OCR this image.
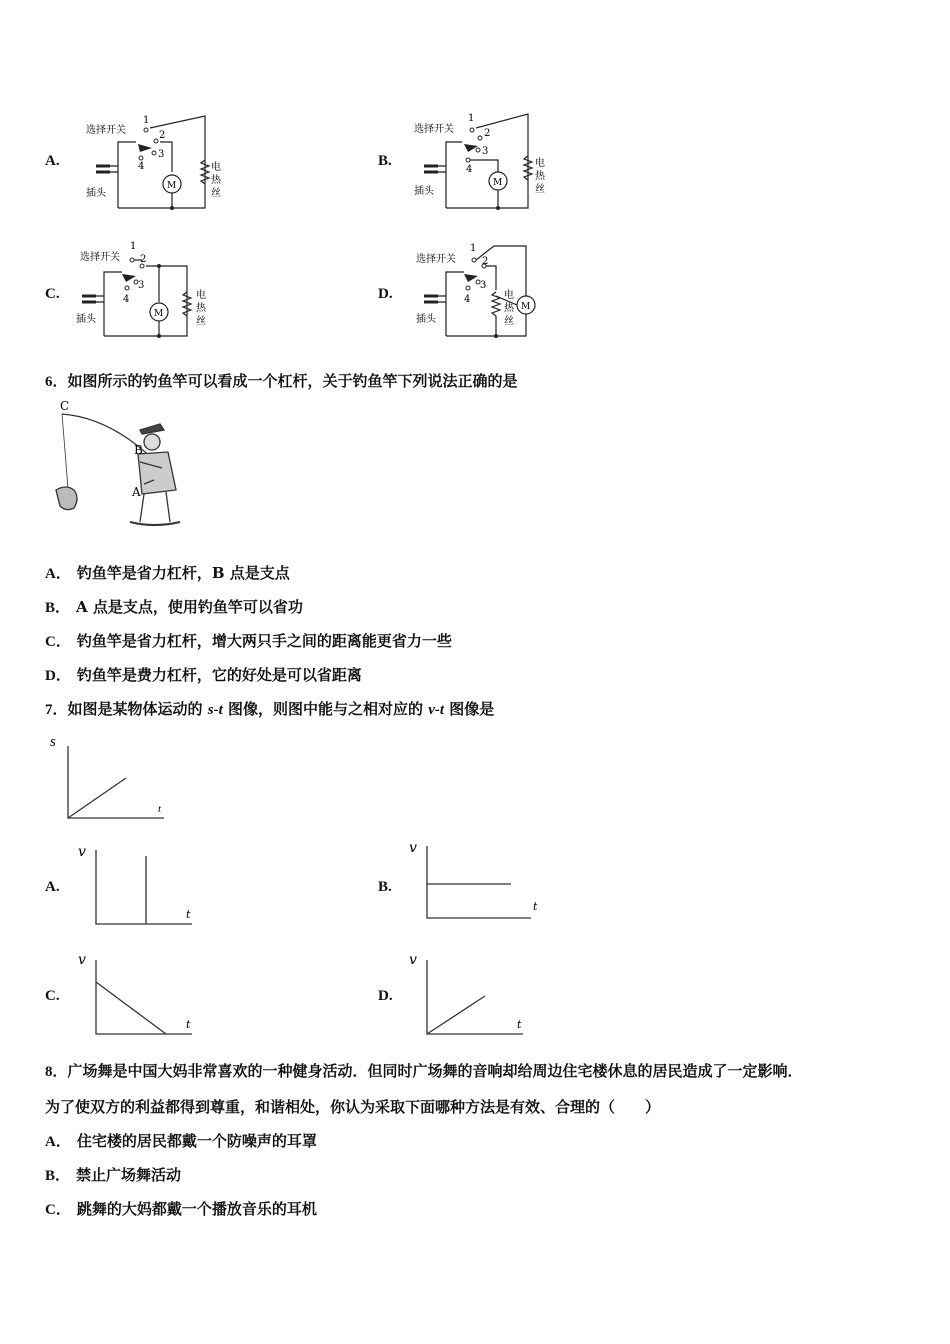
A.	B.
C.	D.
选择开关
1
2
3
4
插头
M
电
热
丝
选择开关
1
2
3
4
插头
M
电
热
丝
选择开关
1
2
3
4
插头	M
电
热
丝
选择开关
1
2
3
4
插头
M
电
热
丝
6．如图所示的钓鱼竿可以看成一个杠杆，关于钓鱼竿下列说法正确的是
C
B
A
A． 钓鱼竿是省力杠杆，B 点是支点
B． A 点是支点，使用钓鱼竿可以省功
C． 钓鱼竿是省力杠杆，增大两只手之间的距离能更省力一些
D． 钓鱼竿是费力杠杆，它的好处是可以省距离
7．如图是某物体运动的 s-t 图像，则图中能与之相对应的 v-t 图像是
s
t
A.	B.
C.	D.
v
t
v
t
v
t
v
t
8．广场舞是中国大妈非常喜欢的一种健身活动．但同时广场舞的音响却给周边住宅楼休息的居民造成了一定影响．
为了使双方的利益都得到尊重，和谐相处，你认为采取下面哪种方法是有效、合理的（　　）
A． 住宅楼的居民都戴一个防噪声的耳罩
B． 禁止广场舞活动
C． 跳舞的大妈都戴一个播放音乐的耳机
